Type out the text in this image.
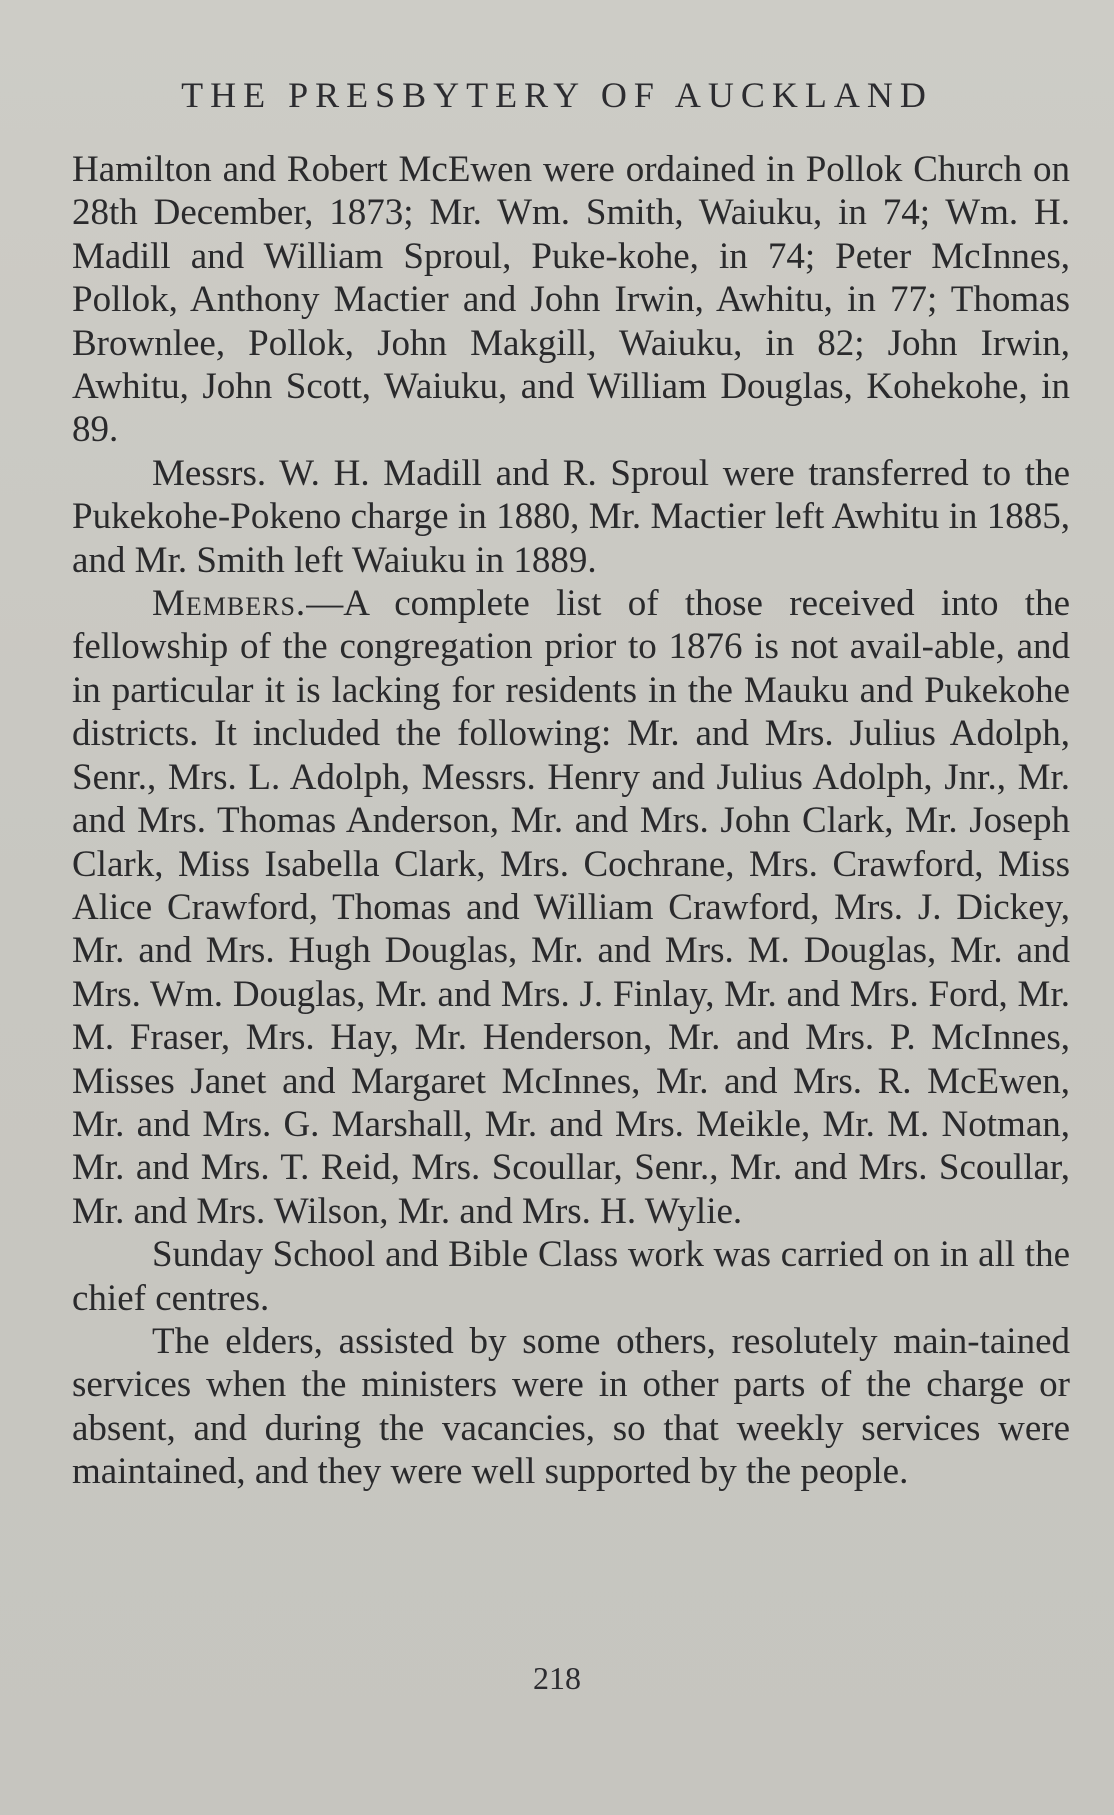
THE PRESBYTERY OF AUCKLAND

Hamilton and Robert McEwen were ordained in Pollok Church on 28th December, 1873; Mr. Wm. Smith, Waiuku, in 74; Wm. H. Madill and William Sproul, Puke-kohe, in 74; Peter McInnes, Pollok, Anthony Mactier and John Irwin, Awhitu, in 77; Thomas Brownlee, Pollok, John Makgill, Waiuku, in 82; John Irwin, Awhitu, John Scott, Waiuku, and William Douglas, Kohekohe, in 89.

Messrs. W. H. Madill and R. Sproul were transferred to the Pukekohe-Pokeno charge in 1880, Mr. Mactier left Awhitu in 1885, and Mr. Smith left Waiuku in 1889.

Members.—A complete list of those received into the fellowship of the congregation prior to 1876 is not avail-able, and in particular it is lacking for residents in the Mauku and Pukekohe districts. It included the following: Mr. and Mrs. Julius Adolph, Senr., Mrs. L. Adolph, Messrs. Henry and Julius Adolph, Jnr., Mr. and Mrs. Thomas Anderson, Mr. and Mrs. John Clark, Mr. Joseph Clark, Miss Isabella Clark, Mrs. Cochrane, Mrs. Crawford, Miss Alice Crawford, Thomas and William Crawford, Mrs. J. Dickey, Mr. and Mrs. Hugh Douglas, Mr. and Mrs. M. Douglas, Mr. and Mrs. Wm. Douglas, Mr. and Mrs. J. Finlay, Mr. and Mrs. Ford, Mr. M. Fraser, Mrs. Hay, Mr. Henderson, Mr. and Mrs. P. McInnes, Misses Janet and Margaret McInnes, Mr. and Mrs. R. McEwen, Mr. and Mrs. G. Marshall, Mr. and Mrs. Meikle, Mr. M. Notman, Mr. and Mrs. T. Reid, Mrs. Scoullar, Senr., Mr. and Mrs. Scoullar, Mr. and Mrs. Wilson, Mr. and Mrs. H. Wylie.

Sunday School and Bible Class work was carried on in all the chief centres.

The elders, assisted by some others, resolutely main-tained services when the ministers were in other parts of the charge or absent, and during the vacancies, so that weekly services were maintained, and they were well supported by the people.

218
